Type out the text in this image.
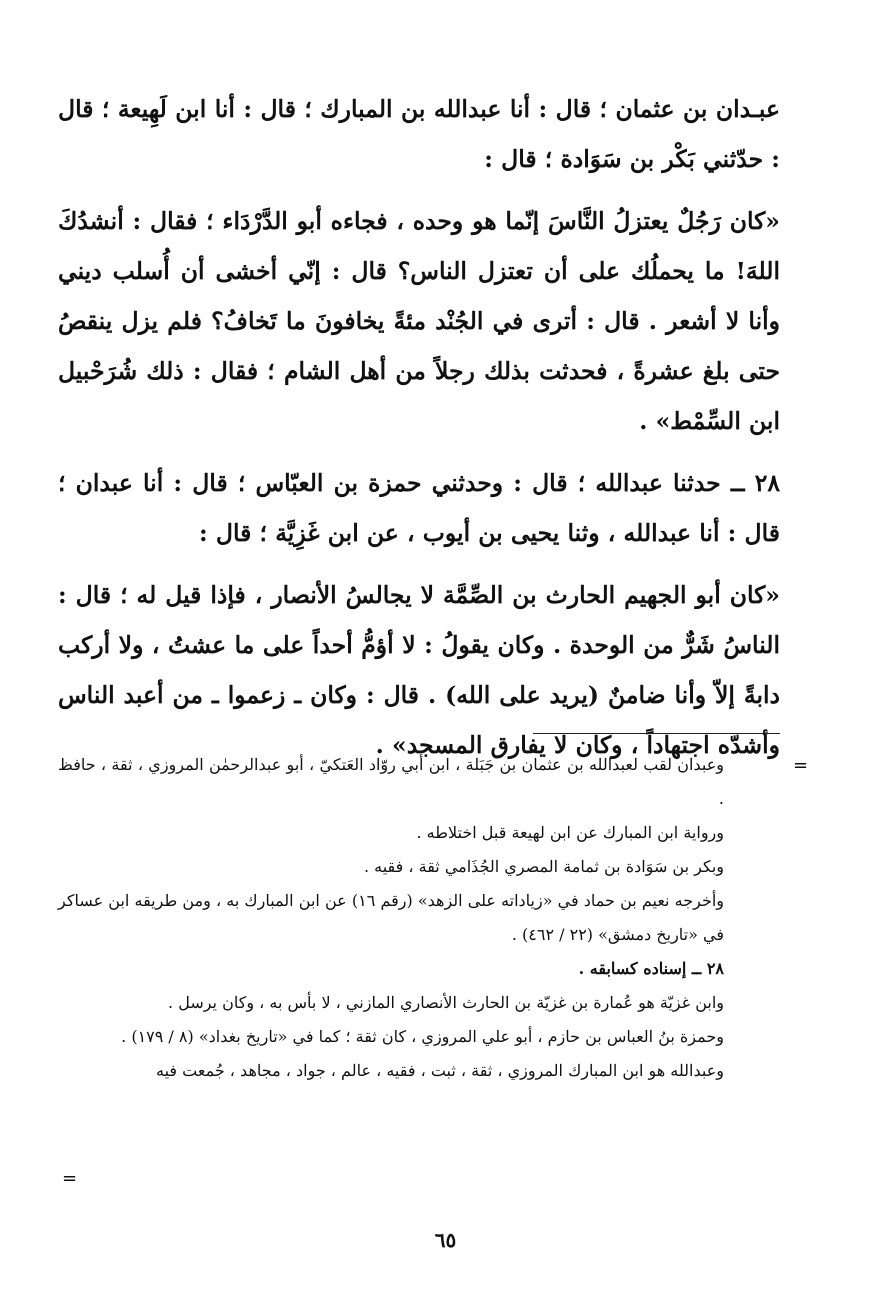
عبـدان بن عثمان ؛ قال : أنا عبدالله بن المبارك ؛ قال : أنا ابن لَهِيعة ؛ قال : حدّثني بَكْر بن سَوَادة ؛ قال :

«كان رَجُلٌ يعتزلُ النَّاسَ إنّما هو وحده ، فجاءه أبو الدَّرْدَاء ؛ فقال : أنشدُكَ اللهَ! ما يحملُك على أن تعتزل الناس؟ قال : إنّي أخشى أن أُسلب ديني وأنا لا أشعر . قال : أترى في الجُنْد مئةً يخافونَ ما تَخافُ؟ فلم يزل ينقصُ حتى بلغ عشرةً ، فحدثت بذلك رجلاً من أهل الشام ؛ فقال : ذلك شُرَحْبيل ابن السِّمْط» .

٢٨ ــ حدثنا عبدالله ؛ قال : وحدثني حمزة بن العبّاس ؛ قال : أنا عبدان ؛ قال : أنا عبدالله ، وثنا يحيى بن أيوب ، عن ابن غَزِيَّة ؛ قال :

«كان أبو الجهيم الحارث بن الصِّمَّة لا يجالسُ الأنصار ، فإذا قيل له ؛ قال : الناسُ شَرٌّ من الوحدة . وكان يقولُ : لا أؤمُّ أحداً على ما عشتُ ، ولا أركب دابةً إلاّ وأنا ضامنٌ (يريد على الله) . قال : وكان ـ زعموا ـ من أعبد الناس وأشدّه اجتهاداً ، وكان لا يفارق المسجد» .

=

وعبدان لقب لعبدالله بن عثمان بن جَبَلة ، ابن أبي روّاد العَتكيّ ، أبو عبدالرحمٰن المروزي ، ثقة ، حافظ .

ورواية ابن المبارك عن ابن لهيعة قبل اختلاطه .

وبكر بن سَوَادة بن ثمامة المصري الجُذَامي ثقة ، فقيه .

وأخرجه نعيم بن حماد في «زياداته على الزهد» (رقم ١٦) عن ابن المبارك به ، ومن طريقه ابن عساكر في «تاريخ دمشق» (٢٢ / ٤٦٢) .

٢٨ ــ إسناده كسابقه .

وابن غزيّة هو عُمارة بن غزيّة بن الحارث الأنصاري المازني ، لا بأس به ، وكان يرسل .

وحمزة بنُ العباس بن حازم ، أبو علي المروزي ، كان ثقة ؛ كما في «تاريخ بغداد» (٨ / ١٧٩) .

وعبدالله هو ابن المبارك المروزي ، ثقة ، ثبت ، فقيه ، عالم ، جواد ، مجاهد ، جُمعت فيه

=
٦٥
